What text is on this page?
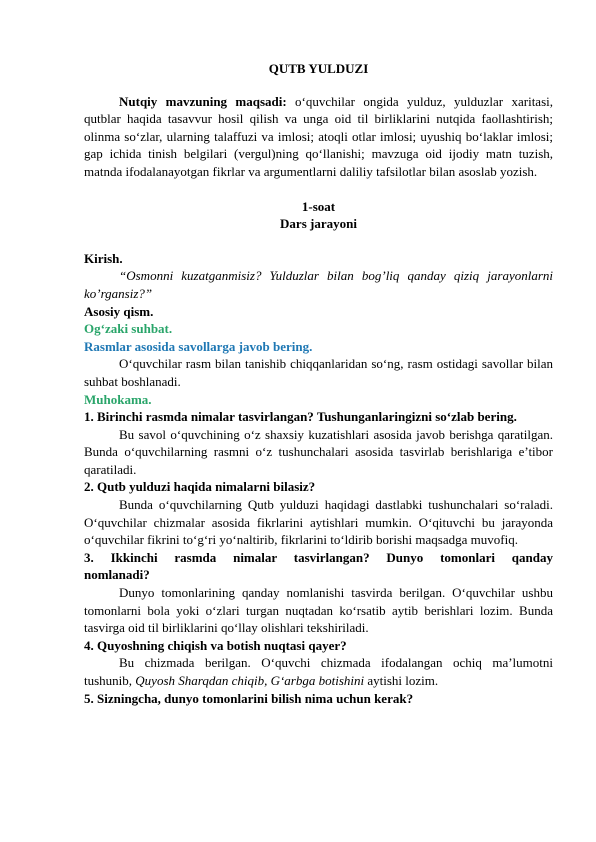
QUTB YULDUZI

Nutqiy mavzuning maqsadi: o‘quvchilar ongida yulduz, yulduzlar xaritasi, qutblar haqida tasavvur hosil qilish va unga oid til birliklarini nutqida faollashtirish; olinma so‘zlar, ularning talaffuzi va imlosi; atoqli otlar imlosi; uyushiq bo‘laklar imlosi; gap ichida tinish belgilari (vergul)ning qo‘llanishi; mavzuga oid ijodiy matn tuzish, matnda ifodalanayotgan fikrlar va argumentlarni daliliy tafsilotlar bilan asoslab yozish.

1-soat

Dars jarayoni

Kirish.

“Osmonni kuzatganmisiz? Yulduzlar bilan bog’liq qanday qiziq jarayonlarni ko’rgansiz?”

Asosiy qism.

Og‘zaki suhbat.

Rasmlar asosida savollarga javob bering.

O‘quvchilar rasm bilan tanishib chiqqanlaridan so‘ng, rasm ostidagi savollar bilan suhbat boshlanadi.

Muhokama.

1. Birinchi rasmda nimalar tasvirlangan? Tushunganlaringizni so‘zlab bering.

Bu savol o‘quvchining o‘z shaxsiy kuzatishlari asosida javob berishga qaratilgan. Bunda o‘quvchilarning rasmni o‘z tushunchalari asosida tasvirlab berishlariga e’tibor qaratiladi.

2. Qutb yulduzi haqida nimalarni bilasiz?

Bunda o‘quvchilarning Qutb yulduzi haqidagi dastlabki tushunchalari so‘raladi. O‘quvchilar chizmalar asosida fikrlarini aytishlari mumkin. O‘qituvchi bu jarayonda o‘quvchilar fikrini to‘g‘ri yo‘naltirib, fikrlarini to‘ldirib borishi maqsadga muvofiq.

3. Ikkinchi rasmda nimalar tasvirlangan? Dunyo tomonlari qanday

nomlanadi?

Dunyo tomonlarining qanday nomlanishi tasvirda berilgan. O‘quvchilar ushbu tomonlarni bola yoki o‘zlari turgan nuqtadan ko‘rsatib aytib berishlari lozim. Bunda tasvirga oid til birliklarini qo‘llay olishlari tekshiriladi.

4. Quyoshning chiqish va botish nuqtasi qayer?

Bu chizmada berilgan. O‘quvchi chizmada ifodalangan ochiq ma’lumotni tushunib, Quyosh Sharqdan chiqib, G‘arbga botishini aytishi lozim.

5. Sizningcha, dunyo tomonlarini bilish nima uchun kerak?
